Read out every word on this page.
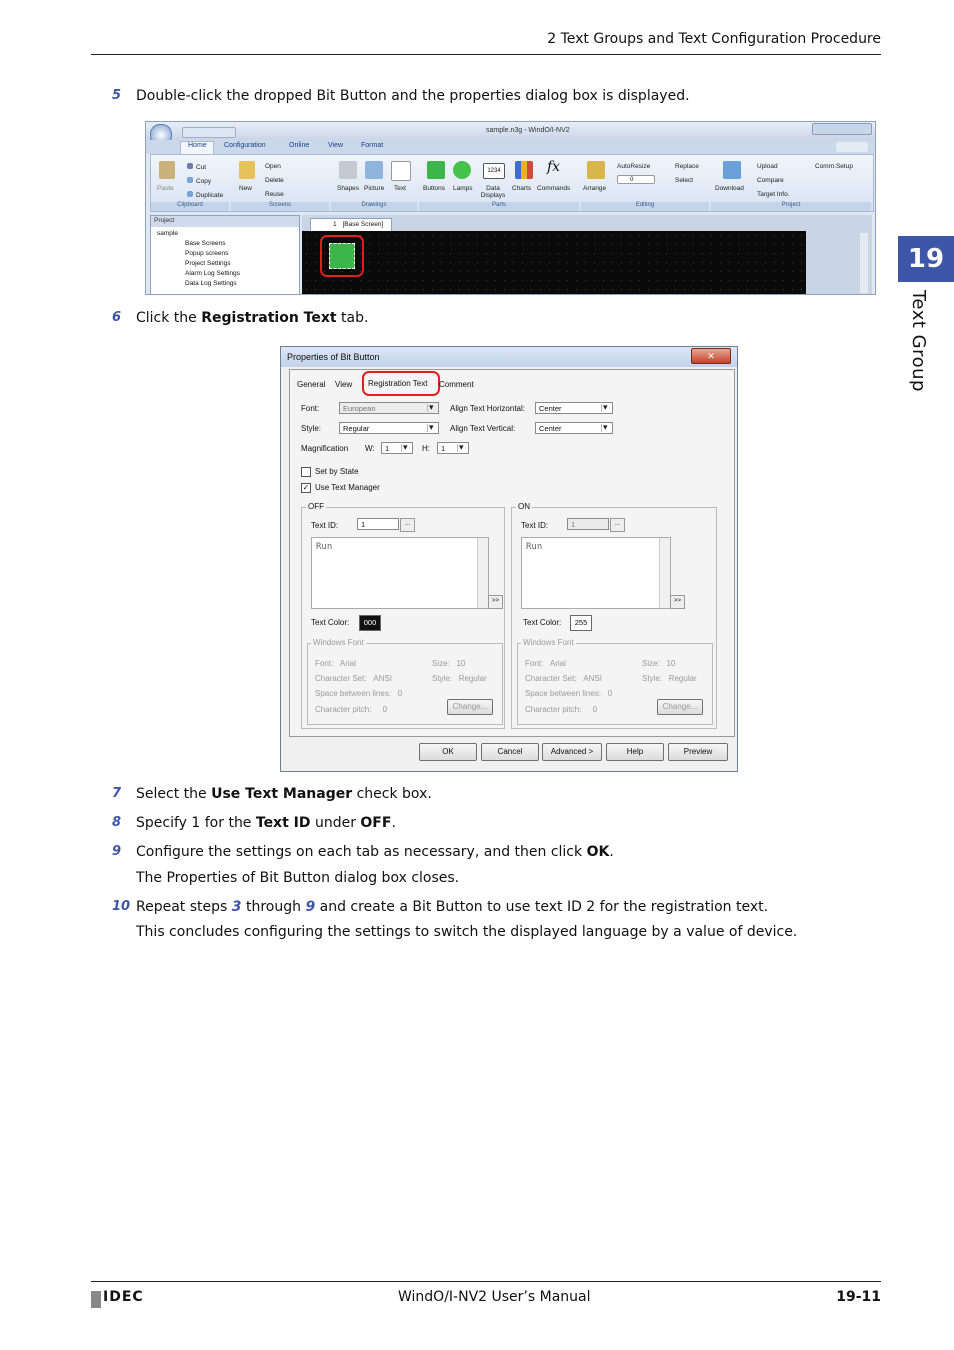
2 Text Groups and Text Configuration Procedure
19
Text Group
5	Double-click the dropped Bit Button and the properties dialog box is displayed.
sample.n3g - WindO/I-NV2
Home Configuration	Online	View	Format
Paste
Cut
Copy
Duplicate
Clipboard
New
Open
Delete
Reuse
Screens
Shapes Picture Text
Drawings
1234	fx
Buttons Lamps	Data Displays
Charts Commands
Parts
Arrange
AutoResize
0
Replace
Select
Editing
Download
Upload
Compare
Target Info.
Comm.Setup
Project
Project
sample
Base Screens
Popup screens
Project Settings
Alarm Log Settings
Data Log Settings
1 [Base Screen]
6	Click the Registration Text tab.
Properties of Bit Button	✕
General View Registration Text Comment
Font:	European
▾
Style:	Regular
▾
Align Text Horizontal:	Center
▾
Align Text Vertical:	Center
▾
Magnification W:	1
▾	H:	1
▾
Set by State
✓ Use Text Manager
OFF
Text ID:	1	...
Run
>>
Text Color:	000
Windows Font
Font: Arial	Size: 10
Character Set: ANSI	Style: Regular
Space between lines: 0
Character pitch: 0	Change...
ON
Text ID:	1	...
Run
>>
Text Color:	255
Windows Font
Font: Arial	Size: 10
Character Set: ANSI	Style: Regular
Space between lines: 0
Character pitch: 0	Change...
OK	Cancel	Advanced >	Help	Preview
7	Select the Use Text Manager check box.
8	Specify 1 for the Text ID under OFF.
9	Configure the settings on each tab as necessary, and then click OK.
The Properties of Bit Button dialog box closes.
10 Repeat steps 3 through 9 and create a Bit Button to use text ID 2 for the registration text.
This concludes configuring the settings to switch the displayed language by a value of device.
IDEC	WindO/I-NV2 User’s Manual	19-11
